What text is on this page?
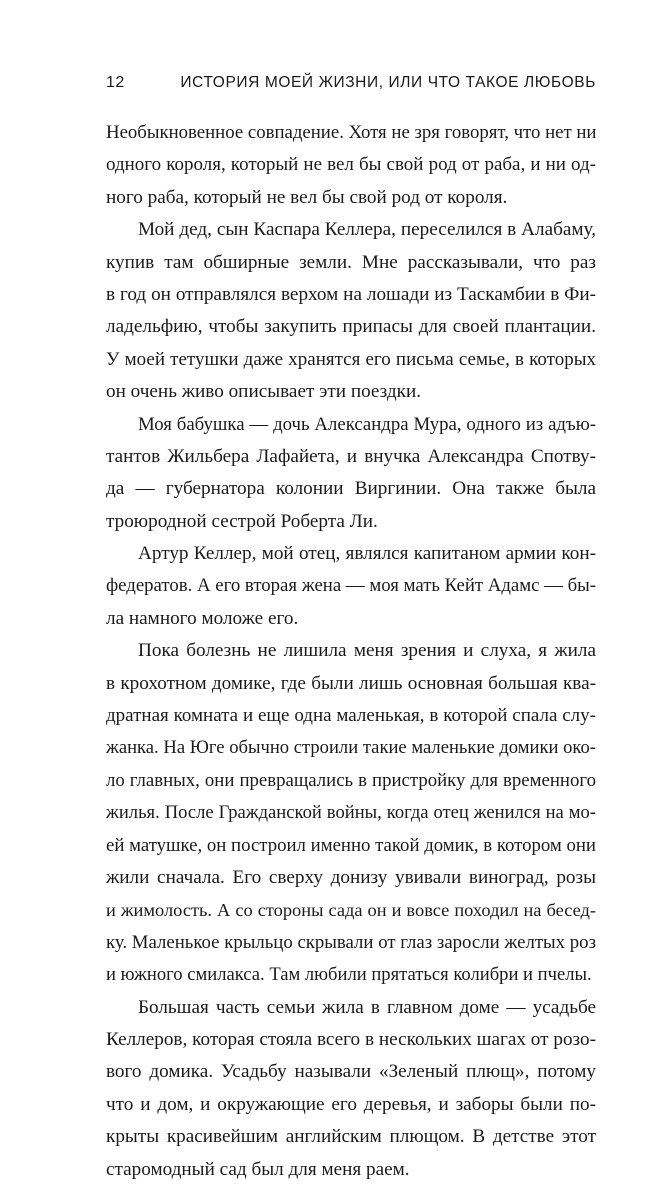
12	ИСТОРИЯ МОЕЙ ЖИЗНИ, ИЛИ ЧТО ТАКОЕ ЛЮБОВЬ
Необыкновенное совпадение. Хотя не зря говорят, что нет ни
одного короля, который не вел бы свой род от раба, и ни од-
ного раба, который не вел бы свой род от короля.
Мой дед, сын Каспара Келлера, переселился в Алабаму,
купив там обширные земли. Мне рассказывали, что раз
в год он отправлялся верхом на лошади из Таскамбии в Фи-
ладельфию, чтобы закупить припасы для своей плантации.
У моей тетушки даже хранятся его письма семье, в которых
он очень живо описывает эти поездки.
Моя бабушка — дочь Александра Мура, одного из адъю-
тантов Жильбера Лафайета, и внучка Александра Спотву-
да — губернатора колонии Виргинии. Она также была
троюродной сестрой Роберта Ли.
Артур Келлер, мой отец, являлся капитаном армии кон-
федератов. А его вторая жена — моя мать Кейт Адамс — бы-
ла намного моложе его.
Пока болезнь не лишила меня зрения и слуха, я жила
в крохотном домике, где были лишь основная большая ква-
дратная комната и еще одна маленькая, в которой спала слу-
жанка. На Юге обычно строили такие маленькие домики око-
ло главных, они превращались в пристройку для временного
жилья. После Гражданской войны, когда отец женился на мо-
ей матушке, он построил именно такой домик, в котором они
жили сначала. Его сверху донизу увивали виноград, розы
и жимолость. А со стороны сада он и вовсе походил на бесед-
ку. Маленькое крыльцо скрывали от глаз заросли желтых роз
и южного смилакса. Там любили прятаться колибри и пчелы.
Большая часть семьи жила в главном доме — усадьбе
Келлеров, которая стояла всего в нескольких шагах от розо-
вого домика. Усадьбу называли «Зеленый плющ», потому
что и дом, и окружающие его деревья, и заборы были по-
крыты красивейшим английским плющом. В детстве этот
старомодный сад был для меня раем.
